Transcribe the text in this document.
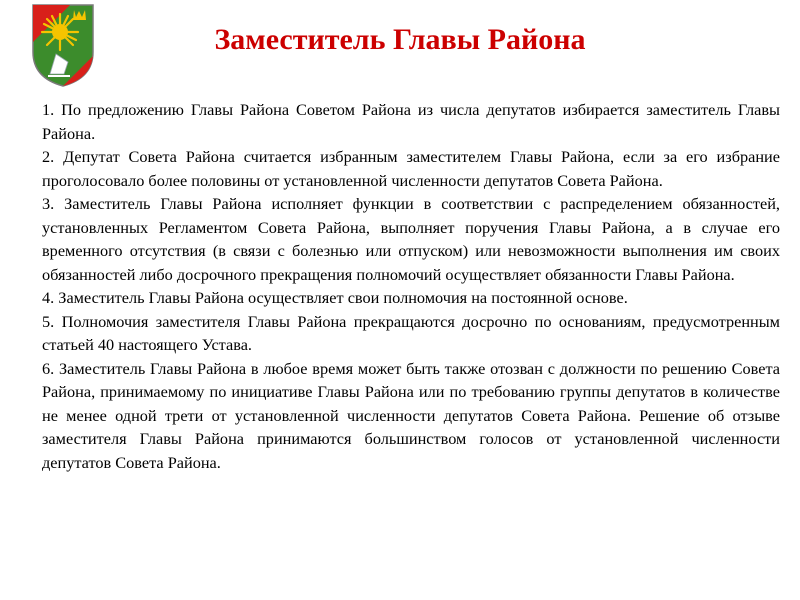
Заместитель Главы Района

1. По предложению Главы Района Советом Района из числа депутатов избирается заместитель Главы Района.

2. Депутат Совета Района считается избранным заместителем Главы Района, если за его избрание проголосовало более половины от установленной численности депутатов Совета Района.

3. Заместитель Главы Района исполняет функции в соответствии с распределением обязанностей, установленных Регламентом Совета Района, выполняет поручения Главы Района, а в случае его временного отсутствия (в связи с болезнью или отпуском) или невозможности выполнения им своих обязанностей либо досрочного прекращения полномочий осуществляет обязанности Главы Района.

4. Заместитель Главы Района осуществляет свои полномочия на постоянной основе.

5. Полномочия заместителя Главы Района прекращаются досрочно по основаниям, предусмотренным статьей 40 настоящего Устава.

6. Заместитель Главы Района в любое время может быть также отозван с должности по решению Совета Района, принимаемому по инициативе Главы Района или по требованию группы депутатов в количестве не менее одной трети от установленной численности депутатов Совета Района. Решение об отзыве заместителя Главы Района принимаются большинством голосов от установленной численности депутатов Совета Района.
